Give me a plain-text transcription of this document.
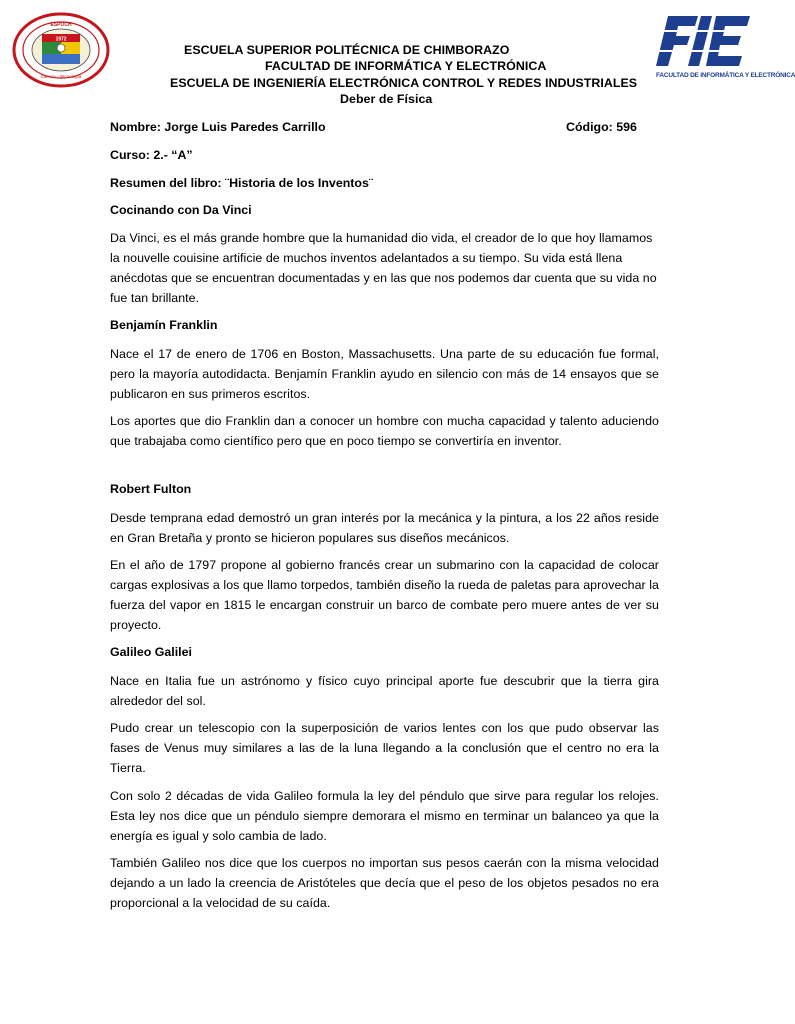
ESPOCH
1972
Ciencia - Tecnología	FACULTAD DE INFORMÁTICA Y ELECTRÓNICA
ESCUELA SUPERIOR POLITÉCNICA DE CHIMBORAZO
FACULTAD DE INFORMÁTICA Y ELECTRÓNICA
ESCUELA DE INGENIERÍA ELECTRÓNICA CONTROL Y REDES INDUSTRIALES
Deber de Física
Nombre: Jorge Luis Paredes Carrillo	Código: 596
Curso: 2.- “A”
Resumen del libro: ¨Historia de los Inventos¨
Cocinando con Da Vinci
Da Vinci, es el más grande hombre que la humanidad dio vida, el creador de lo que hoy llamamos la nouvelle couisine artificie de muchos inventos adelantados a su tiempo. Su vida está llena anécdotas que se encuentran documentadas y en las que nos podemos dar cuenta que su vida no fue tan brillante.
Benjamín Franklin
Nace el 17 de enero de 1706 en Boston, Massachusetts. Una parte de su educación fue formal, pero la mayoría autodidacta. Benjamín Franklin ayudo en silencio con más de 14 ensayos que se publicaron en sus primeros escritos.
Los aportes que dio Franklin dan a conocer un hombre con mucha capacidad y talento aduciendo que trabajaba como científico pero que en poco tiempo se convertiría en inventor.
Robert Fulton
Desde temprana edad demostró un gran interés por la mecánica y la pintura, a los 22 años reside en Gran Bretaña y pronto se hicieron populares sus diseños mecánicos.
En el año de 1797 propone al gobierno francés crear un submarino con la capacidad de colocar cargas explosivas a los que llamo torpedos, también diseño la rueda de paletas para aprovechar la fuerza del vapor en 1815 le encargan construir un barco de combate pero muere antes de ver su proyecto.
Galileo Galilei
Nace en Italia fue un astrónomo y físico cuyo principal aporte fue descubrir que la tierra gira alrededor del sol.
Pudo crear un telescopio con la superposición de varios lentes con los que pudo observar las fases de Venus muy similares a las de la luna llegando a la conclusión que el centro no era la Tierra.
Con solo 2 décadas de vida Galileo formula la ley del péndulo que sirve para regular los relojes. Esta ley nos dice que un péndulo siempre demorara el mismo en terminar un balanceo ya que la energía es igual y solo cambia de lado.
También Galileo nos dice que los cuerpos no importan sus pesos caerán con la misma velocidad dejando a un lado la creencia de Aristóteles que decía que el peso de los objetos pesados no era proporcional a la velocidad de su caída.
